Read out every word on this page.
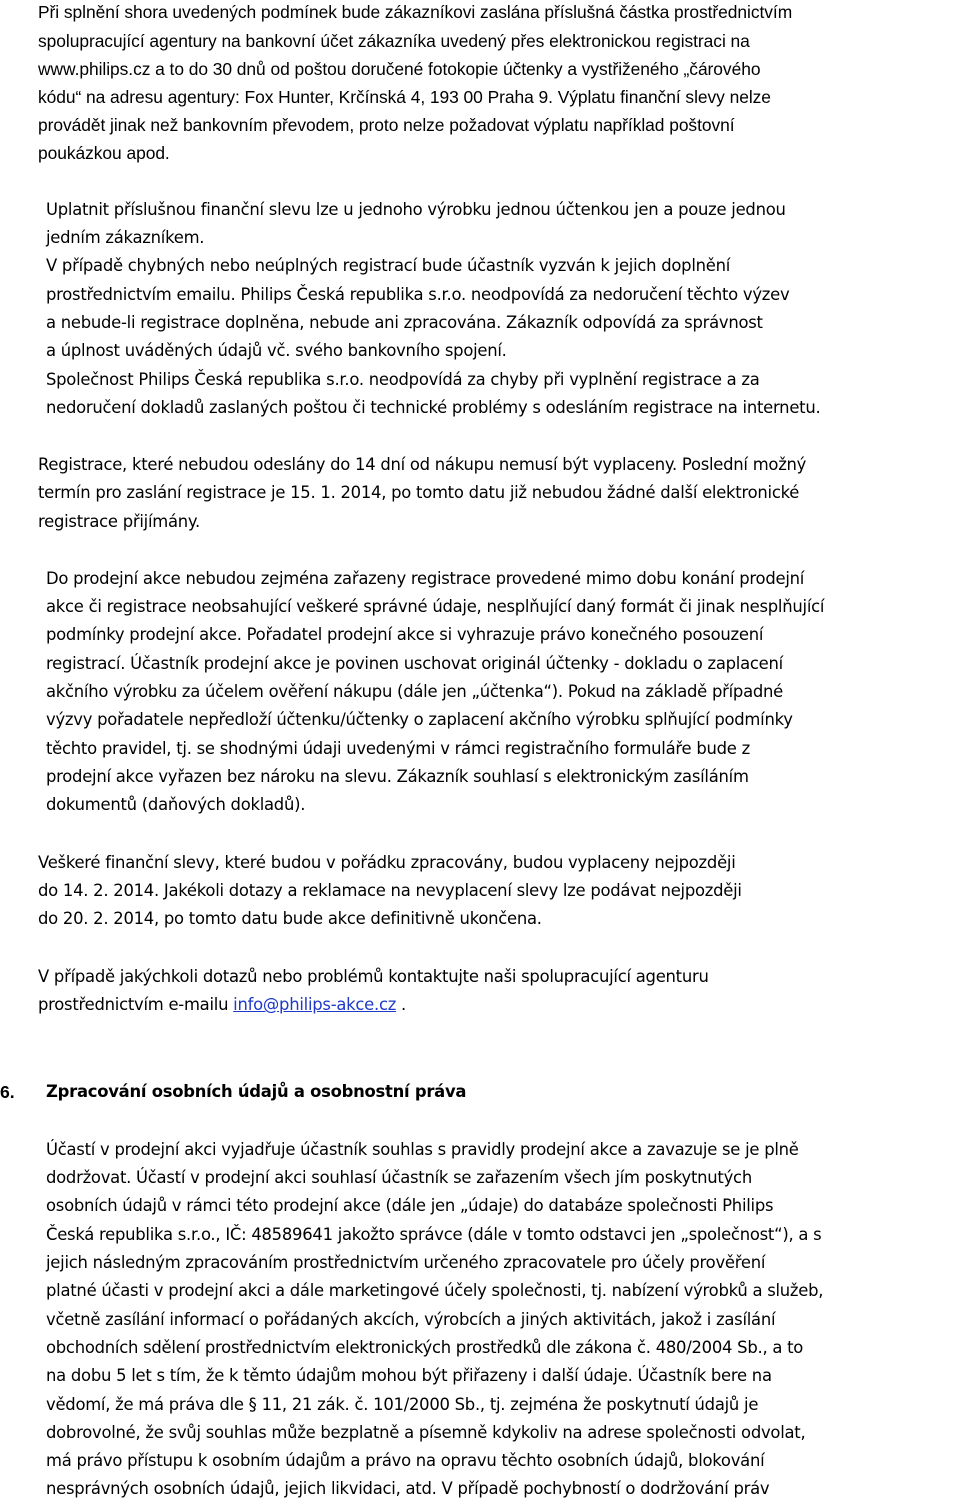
Při splnění shora uvedených podmínek bude zákazníkovi zaslána příslušná částka prostřednictvím
spolupracující agentury na bankovní účet zákazníka uvedený přes elektronickou registraci na
www.philips.cz a to do 30 dnů od poštou doručené fotokopie účtenky a vystřiženého „čárového
kódu“ na adresu agentury: Fox Hunter, Krčínská 4, 193 00 Praha 9. Výplatu finanční slevy nelze
provádět jinak než bankovním převodem, proto nelze požadovat výplatu například poštovní
poukázkou apod.
Uplatnit příslušnou finanční slevu lze u jednoho výrobku jednou účtenkou jen a pouze jednou
jedním zákazníkem.
V případě chybných nebo neúplných registrací bude účastník vyzván k jejich doplnění
prostřednictvím emailu. Philips Česká republika s.r.o. neodpovídá za nedoručení těchto výzev
a nebude-li registrace doplněna, nebude ani zpracována. Zákazník odpovídá za správnost
a úplnost uváděných údajů vč. svého bankovního spojení.
Společnost Philips Česká republika s.r.o. neodpovídá za chyby při vyplnění registrace a za
nedoručení dokladů zaslaných poštou či technické problémy s odesláním registrace na internetu.
Registrace, které nebudou odeslány do 14 dní od nákupu nemusí být vyplaceny. Poslední možný
termín pro zaslání registrace je 15. 1. 2014, po tomto datu již nebudou žádné další elektronické
registrace přijímány.
Do prodejní akce nebudou zejména zařazeny registrace provedené mimo dobu konání prodejní
akce či registrace neobsahující veškeré správné údaje, nesplňující daný formát či jinak nesplňující
podmínky prodejní akce. Pořadatel prodejní akce si vyhrazuje právo konečného posouzení
registrací. Účastník prodejní akce je povinen uschovat originál účtenky - dokladu o zaplacení
akčního výrobku za účelem ověření nákupu (dále jen „účtenka“). Pokud na základě případné
výzvy pořadatele nepředloží účtenku/účtenky o zaplacení akčního výrobku splňující podmínky
těchto pravidel, tj. se shodnými údaji uvedenými v rámci registračního formuláře bude z
prodejní akce vyřazen bez nároku na slevu. Zákazník souhlasí s elektronickým zasíláním
dokumentů (daňových dokladů).
Veškeré finanční slevy, které budou v pořádku zpracovány, budou vyplaceny nejpozději
do 14. 2. 2014. Jakékoli dotazy a reklamace na nevyplacení slevy lze podávat nejpozději
do 20. 2. 2014, po tomto datu bude akce definitivně ukončena.
V případě jakýchkoli dotazů nebo problémů kontaktujte naši spolupracující agenturu
prostřednictvím e-mailu info@philips-akce.cz .
6. Zpracování osobních údajů a osobnostní práva
Účastí v prodejní akci vyjadřuje účastník souhlas s pravidly prodejní akce a zavazuje se je plně
dodržovat. Účastí v prodejní akci souhlasí účastník se zařazením všech jím poskytnutých
osobních údajů v rámci této prodejní akce (dále jen „údaje) do databáze společnosti Philips
Česká republika s.r.o., IČ: 48589641 jakožto správce (dále v tomto odstavci jen „společnost“), a s
jejich následným zpracováním prostřednictvím určeného zpracovatele pro účely prověření
platné účasti v prodejní akci a dále marketingové účely společnosti, tj. nabízení výrobků a služeb,
včetně zasílání informací o pořádaných akcích, výrobcích a jiných aktivitách, jakož i zasílání
obchodních sdělení prostřednictvím elektronických prostředků dle zákona č. 480/2004 Sb., a to
na dobu 5 let s tím, že k těmto údajům mohou být přiřazeny i další údaje. Účastník bere na
vědomí, že má práva dle § 11, 21 zák. č. 101/2000 Sb., tj. zejména že poskytnutí údajů je
dobrovolné, že svůj souhlas může bezplatně a písemně kdykoliv na adrese společnosti odvolat,
má právo přístupu k osobním údajům a právo na opravu těchto osobních údajů, blokování
nesprávných osobních údajů, jejich likvidaci, atd. V případě pochybností o dodržování práv
